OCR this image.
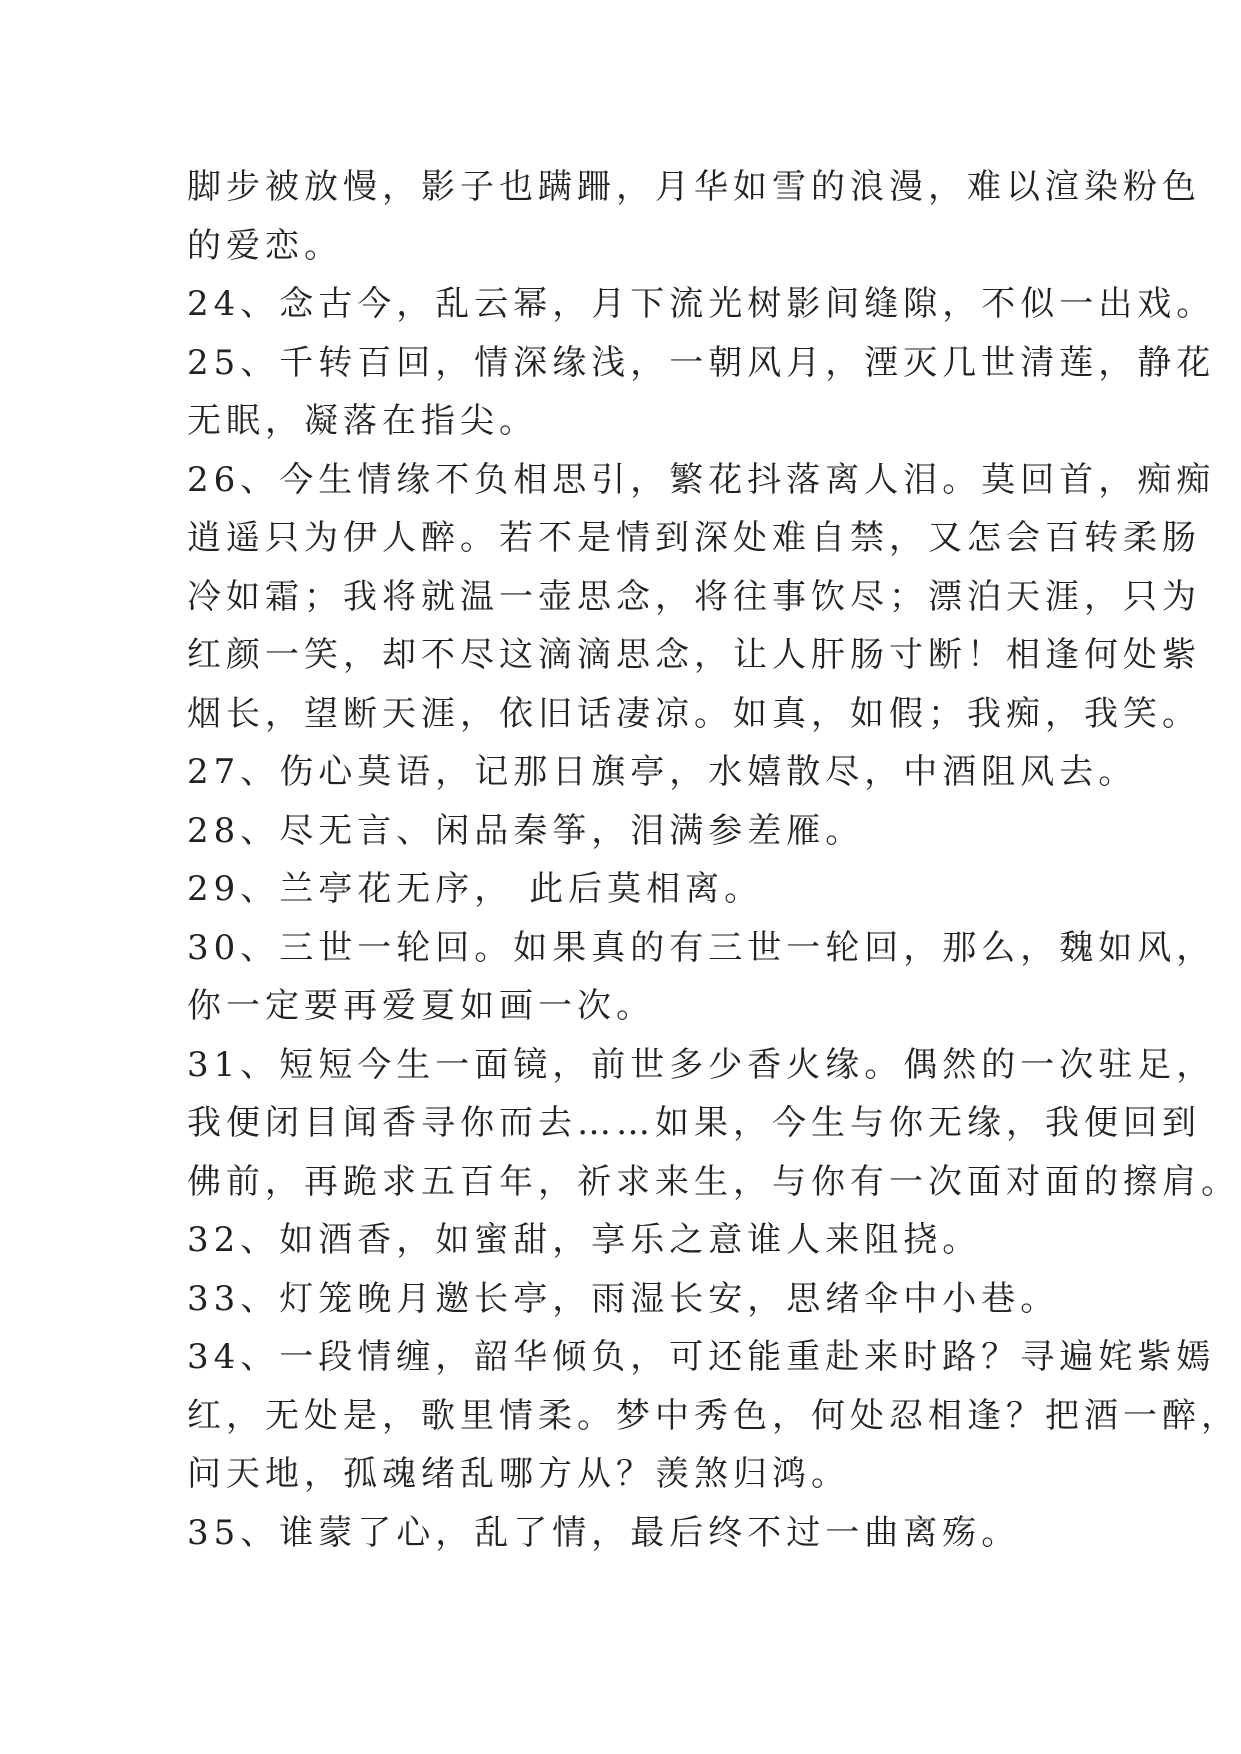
脚步被放慢，影子也蹒跚，月华如雪的浪漫，难以渲染粉色
的爱恋。
24、念古今，乱云幂，月下流光树影间缝隙，不似一出戏。
25、千转百回，情深缘浅，一朝风月，湮灭几世清莲，静花
无眠，凝落在指尖。
26、今生情缘不负相思引，繁花抖落离人泪。莫回首，痴痴
逍遥只为伊人醉。若不是情到深处难自禁，又怎会百转柔肠
冷如霜；我将就温一壶思念，将往事饮尽；漂泊天涯，只为
红颜一笑，却不尽这滴滴思念，让人肝肠寸断！相逢何处紫
烟长，望断天涯，依旧话凄凉。如真，如假；我痴，我笑。
27、伤心莫语，记那日旗亭，水嬉散尽，中酒阻风去。
28、尽无言、闲品秦筝，泪满参差雁。
29、兰亭花无序， 此后莫相离。
30、三世一轮回。如果真的有三世一轮回，那么，魏如风，
你一定要再爱夏如画一次。
31、短短今生一面镜，前世多少香火缘。偶然的一次驻足，
我便闭目闻香寻你而去……如果，今生与你无缘，我便回到
佛前，再跪求五百年，祈求来生，与你有一次面对面的擦肩。
32、如酒香，如蜜甜，享乐之意谁人来阻挠。
33、灯笼晚月邀长亭，雨湿长安，思绪伞中小巷。
34、一段情缠，韶华倾负，可还能重赴来时路？寻遍姹紫嫣
红，无处是，歌里情柔。梦中秀色，何处忍相逢？把酒一醉，
问天地，孤魂绪乱哪方从？羡煞归鸿。
35、谁蒙了心，乱了情，最后终不过一曲离殇。
